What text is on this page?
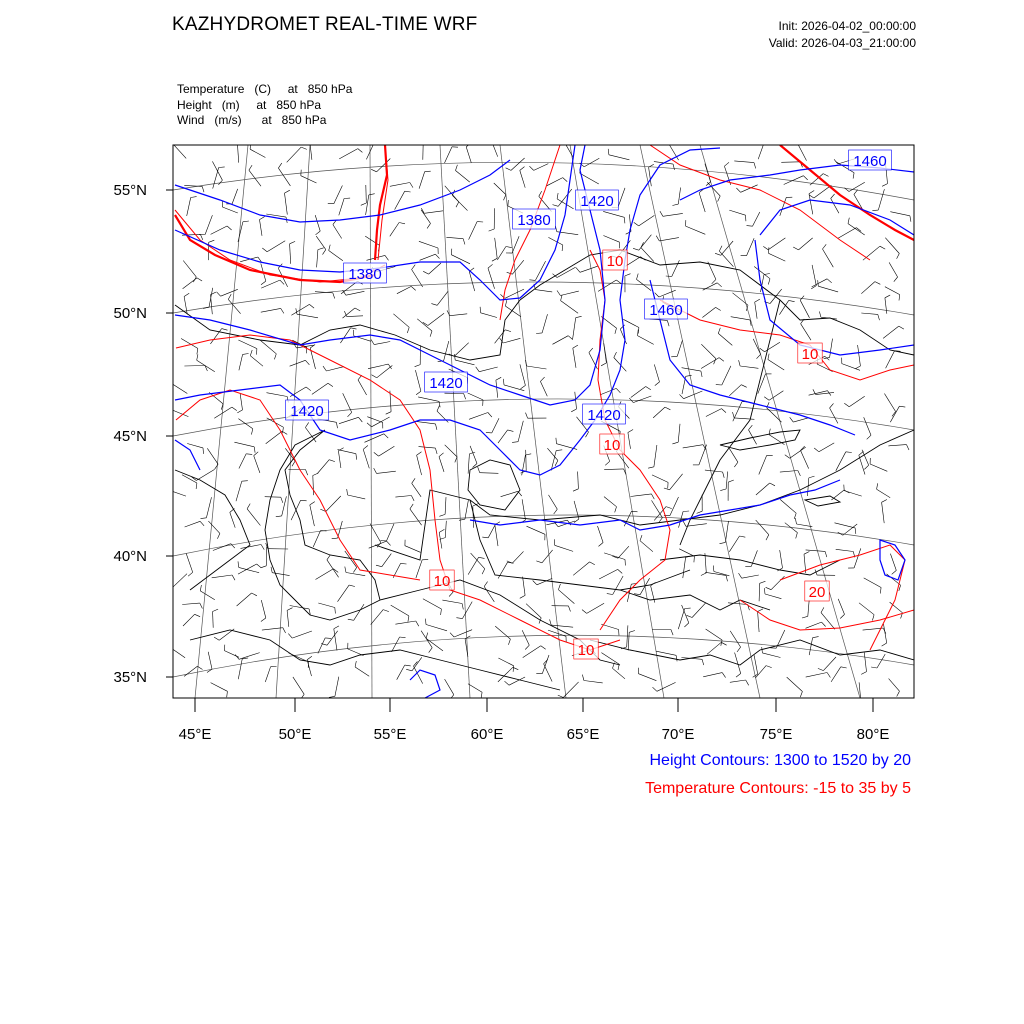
KAZHYDROMET REAL-TIME WRF	Init: 2026-04-02_00:00:00
Valid: 2026-04-03_21:00:00
Temperature   (C)     at   850 hPa
Height   (m)     at   850 hPa
Wind   (m/s)      at   850 hPa
55°N
50°N
45°N
40°N
35°N
45°E	50°E	55°E	60°E	65°E	70°E	75°E	80°E
1460
1420
1380
1380
1460
1420
1420	1420
10
10
10
10
10
20
Height Contours: 1300 to 1520 by 20
Temperature Contours: -15 to 35 by 5
